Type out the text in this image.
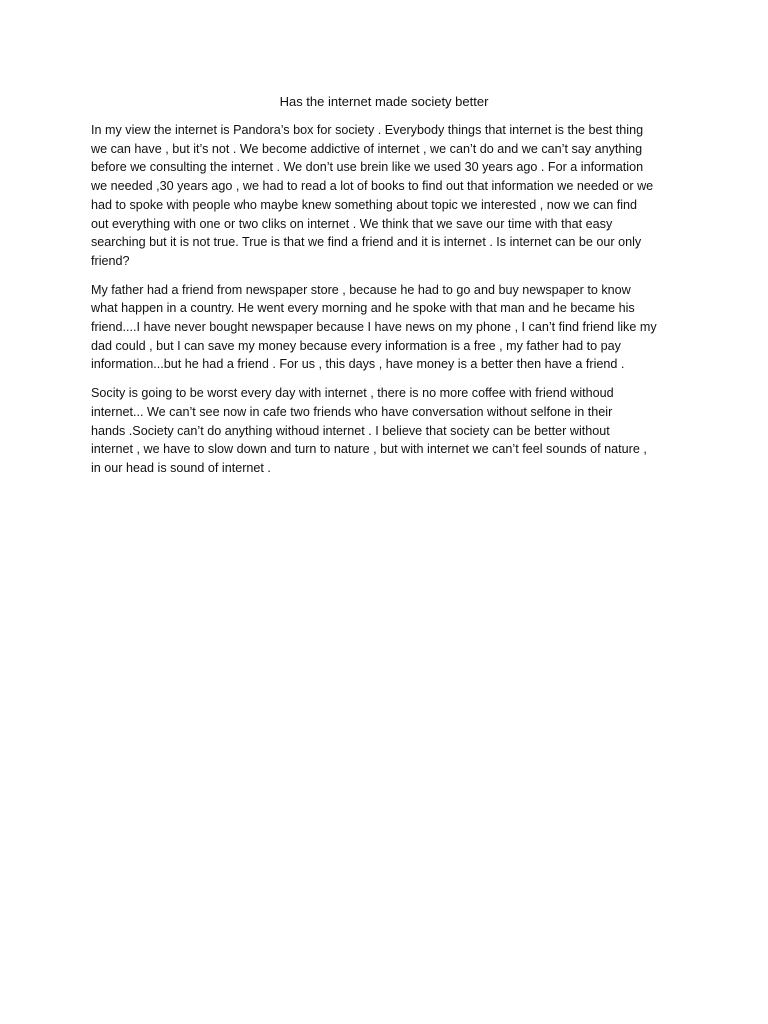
Has the internet made society better

In my view the internet is Pandora’s box for society . Everybody things that internet is the best thing
we can have , but it’s not . We become addictive of internet , we can’t do and we can’t say anything
before we consulting the internet . We don’t use brein like we used 30 years ago . For a information
we needed ,30 years ago , we had to read a lot of books to find out that information we needed or we
had to spoke with people who maybe knew something about topic we interested , now we can find
out everything with one or two cliks on internet . We think that we save our time with that easy
searching but it is not true. True is that we find a friend and it is internet . Is internet can be our only
friend?

My father had a friend from newspaper store , because he had to go and buy newspaper to know
what happen in a country. He went every morning and he spoke with that man and he became his
friend....I have never bought newspaper because I have news on my phone , I can’t find friend like my
dad could , but I can save my money because every information is a free , my father had to pay
information...but he had a friend . For us , this days , have money is a better then have a friend .

Socity is going to be worst every day with internet , there is no more coffee with friend withoud
internet... We can’t see now in cafe two friends who have conversation without selfone in their
hands .Society can’t do anything withoud internet . I believe that society can be better without
internet , we have to slow down and turn to nature , but with internet we can’t feel sounds of nature ,
in our head is sound of internet .
